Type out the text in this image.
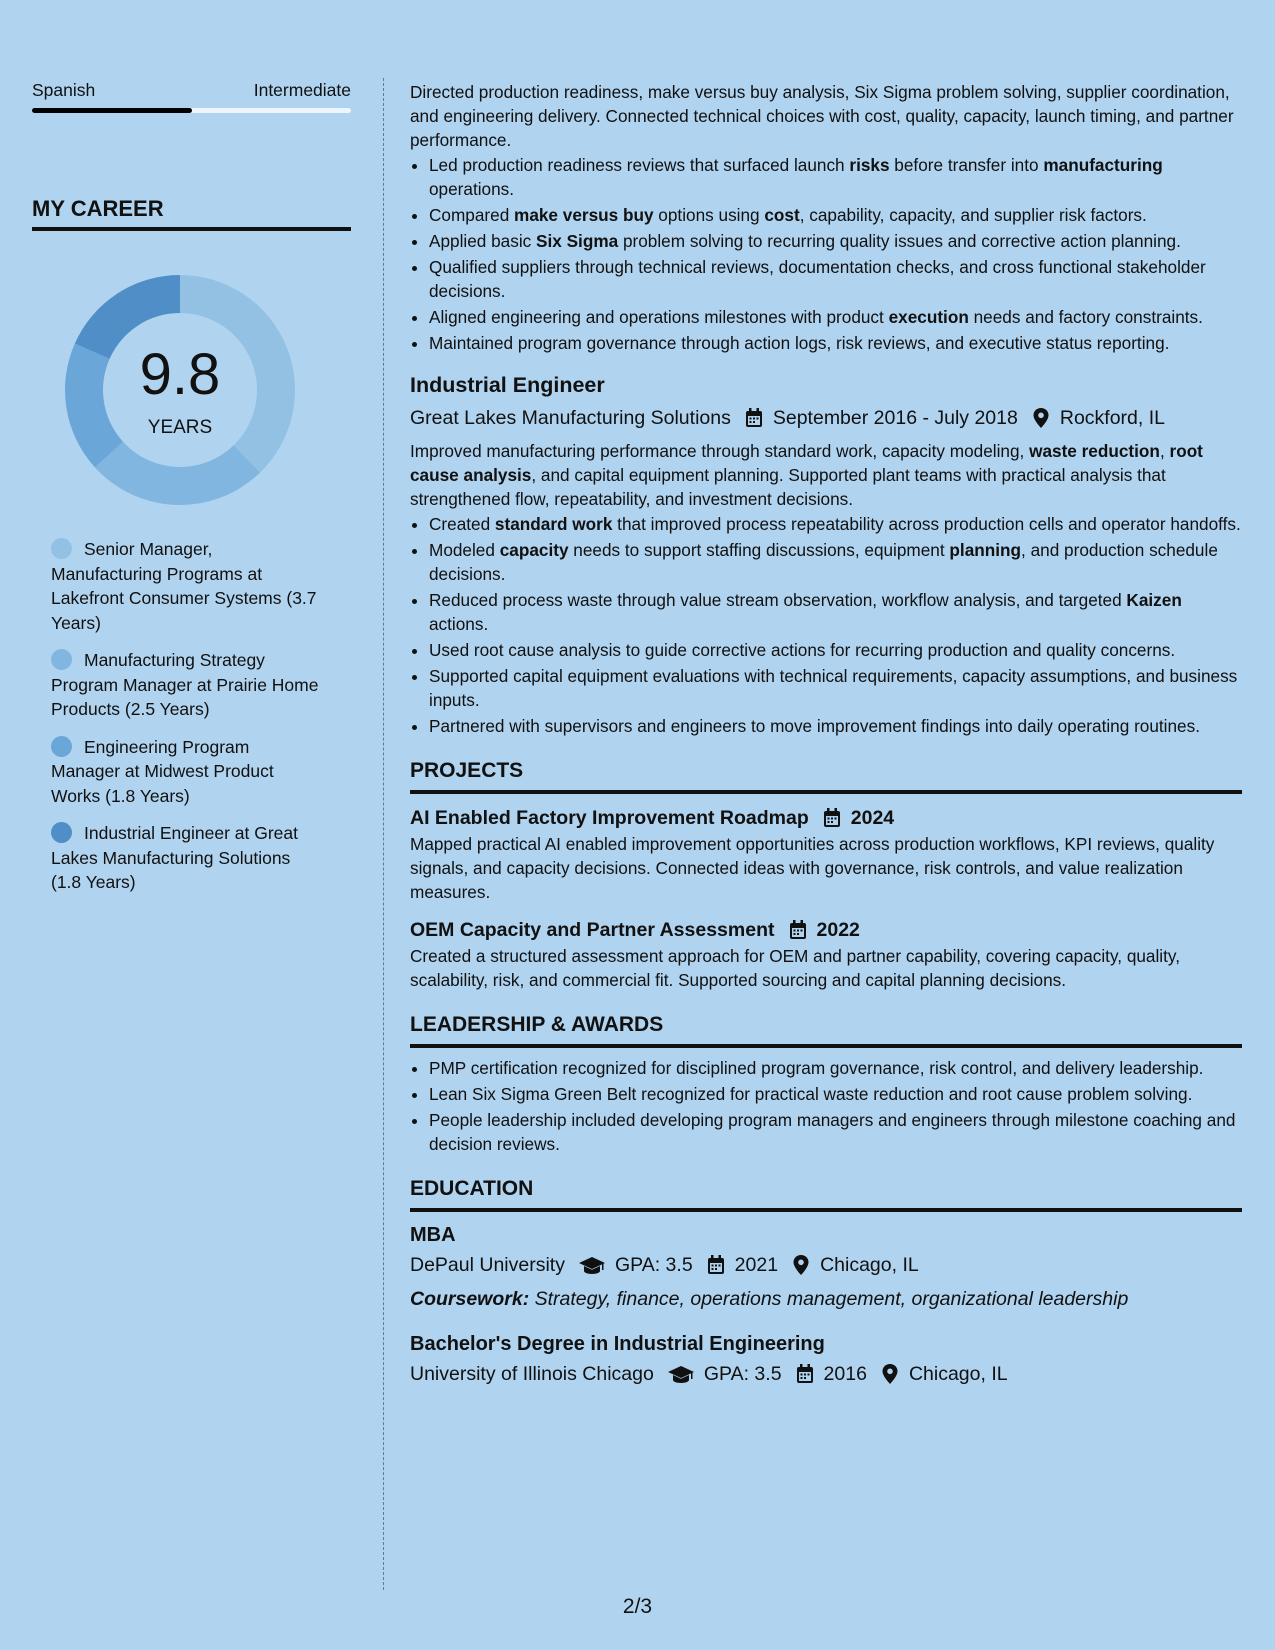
Spanish	Intermediate
MY CAREER
9.8
YEARS
Senior Manager, Manufacturing Programs at Lakefront Consumer Systems (3.7 Years)
Manufacturing Strategy Program Manager at Prairie Home Products (2.5 Years)
Engineering Program Manager at Midwest Product Works (1.8 Years)
Industrial Engineer at Great Lakes Manufacturing Solutions (1.8 Years)

Directed production readiness, make versus buy analysis, Six Sigma problem solving, supplier coordination, and engineering delivery. Connected technical choices with cost, quality, capacity, launch timing, and partner performance.

• Led production readiness reviews that surfaced launch risks before transfer into manufacturing operations.
• Compared make versus buy options using cost, capability, capacity, and supplier risk factors.
• Applied basic Six Sigma problem solving to recurring quality issues and corrective action planning.
• Qualified suppliers through technical reviews, documentation checks, and cross functional stakeholder decisions.
• Aligned engineering and operations milestones with product execution needs and factory constraints.
• Maintained program governance through action logs, risk reviews, and executive status reporting.
Industrial Engineer
Great Lakes Manufacturing Solutions September 2016 - July 2018 Rockford, IL

Improved manufacturing performance through standard work, capacity modeling, waste reduction, root cause analysis, and capital equipment planning. Supported plant teams with practical analysis that strengthened flow, repeatability, and investment decisions.

• Created standard work that improved process repeatability across production cells and operator handoffs.
• Modeled capacity needs to support staffing discussions, equipment planning, and production schedule decisions.
• Reduced process waste through value stream observation, workflow analysis, and targeted Kaizen actions.
• Used root cause analysis to guide corrective actions for recurring production and quality concerns.
• Supported capital equipment evaluations with technical requirements, capacity assumptions, and business inputs.
• Partnered with supervisors and engineers to move improvement findings into daily operating routines.
PROJECTS
AI Enabled Factory Improvement Roadmap 2024

Mapped practical AI enabled improvement opportunities across production workflows, KPI reviews, quality signals, and capacity decisions. Connected ideas with governance, risk controls, and value realization measures.

OEM Capacity and Partner Assessment 2022

Created a structured assessment approach for OEM and partner capability, covering capacity, quality, scalability, risk, and commercial fit. Supported sourcing and capital planning decisions.

LEADERSHIP & AWARDS
• PMP certification recognized for disciplined program governance, risk control, and delivery leadership.
• Lean Six Sigma Green Belt recognized for practical waste reduction and root cause problem solving.
• People leadership included developing program managers and engineers through milestone coaching and decision reviews.
EDUCATION
MBA
DePaul University	GPA: 3.5 2021 Chicago, IL
Coursework: Strategy, finance, operations management, organizational leadership
Bachelor's Degree in Industrial Engineering
University of Illinois Chicago	GPA: 3.5 2016 Chicago, IL
2/3
